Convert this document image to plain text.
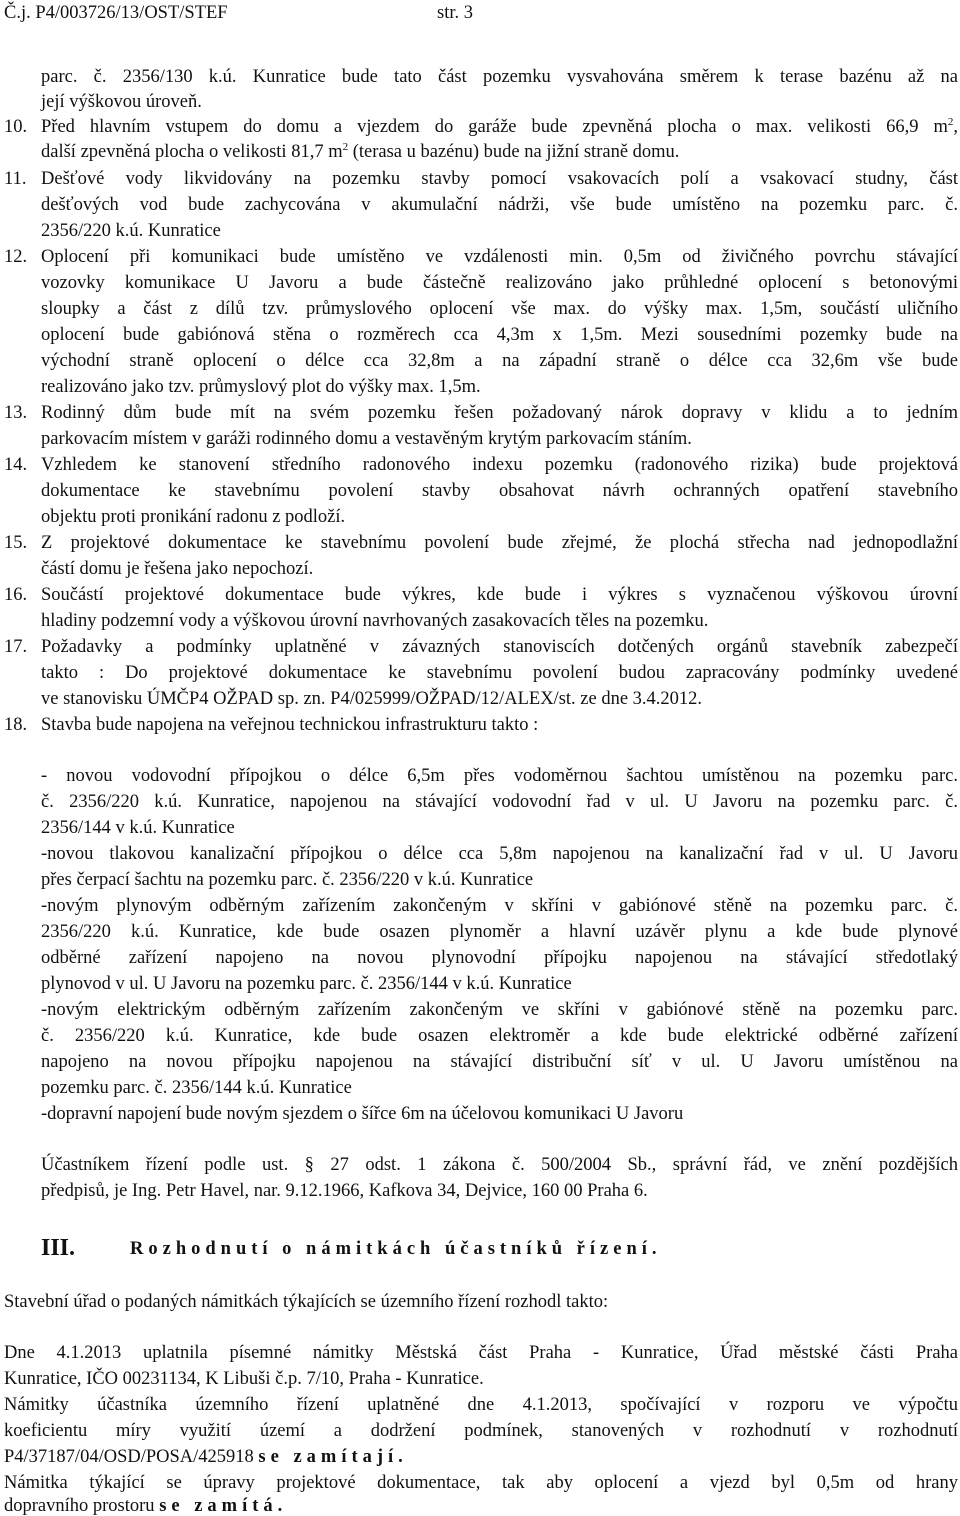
Č.j. P4/003726/13/OST/STEF	str. 3
parc. č. 2356/130 k.ú. Kunratice bude tato část pozemku vysvahována směrem k terase bazénu až na
její výškovou úroveň.
10. Před hlavním vstupem do domu a vjezdem do garáže bude zpevněná plocha o max. velikosti 66,9 $m^2$,
další zpevněná plocha o velikosti 81,7 $m^2$ (terasa u bazénu) bude na jižní straně domu.
11. Dešťové vody likvidovány na pozemku stavby pomocí vsakovacích polí a vsakovací studny, část
dešťových vod bude zachycována v akumulační nádrži, vše bude umístěno na pozemku parc. č.
2356/220 k.ú. Kunratice
12. Oplocení při komunikaci bude umístěno ve vzdálenosti min. 0,5m od živičného povrchu stávající
vozovky komunikace U Javoru a bude částečně realizováno jako průhledné oplocení s betonovými
sloupky a část z dílů tzv. průmyslového oplocení vše max. do výšky max. 1,5m, součástí uličního
oplocení bude gabiónová stěna o rozměrech cca 4,3m x 1,5m. Mezi sousedními pozemky bude na
východní straně oplocení o délce cca 32,8m a na západní straně o délce cca 32,6m vše bude
realizováno jako tzv. průmyslový plot do výšky max. 1,5m.
13. Rodinný dům bude mít na svém pozemku řešen požadovaný nárok dopravy v klidu a to jedním
parkovacím místem v garáži rodinného domu a vestavěným krytým parkovacím stáním.
14. Vzhledem ke stanovení středního radonového indexu pozemku (radonového rizika) bude projektová
dokumentace ke stavebnímu povolení stavby obsahovat návrh ochranných opatření stavebního
objektu proti pronikání radonu z podloží.
15. Z projektové dokumentace ke stavebnímu povolení bude zřejmé, že plochá střecha nad jednopodlažní
částí domu je řešena jako nepochozí.
16. Součástí projektové dokumentace bude výkres, kde bude i výkres s vyznačenou výškovou úrovní
hladiny podzemní vody a výškovou úrovní navrhovaných zasakovacích těles na pozemku.
17. Požadavky a podmínky uplatněné v závazných stanoviscích dotčených orgánů stavebník zabezpečí
takto : Do projektové dokumentace ke stavebnímu povolení budou zapracovány podmínky uvedené
ve stanovisku ÚMČP4 OŽPAD sp. zn. P4/025999/OŽPAD/12/ALEX/st. ze dne 3.4.2012.
18. Stavba bude napojena na veřejnou technickou infrastrukturu takto :
- novou vodovodní přípojkou o délce 6,5m přes vodoměrnou šachtou umístěnou na pozemku parc.
č. 2356/220 k.ú. Kunratice, napojenou na stávající vodovodní řad v ul. U Javoru na pozemku parc. č.
2356/144 v k.ú. Kunratice
-novou tlakovou kanalizační přípojkou o délce cca 5,8m napojenou na kanalizační řad v ul. U Javoru
přes čerpací šachtu na pozemku parc. č. 2356/220 v k.ú. Kunratice
-novým plynovým odběrným zařízením zakončeným v skříni v gabiónové stěně na pozemku parc. č.
2356/220 k.ú. Kunratice, kde bude osazen plynoměr a hlavní uzávěr plynu a kde bude plynové
odběrné zařízení napojeno na novou plynovodní přípojku napojenou na stávající středotlaký
plynovod v ul. U Javoru na pozemku parc. č. 2356/144 v k.ú. Kunratice
-novým elektrickým odběrným zařízením zakončeným ve skříni v gabiónové stěně na pozemku parc.
č. 2356/220 k.ú. Kunratice, kde bude osazen elektroměr a kde bude elektrické odběrné zařízení
napojeno na novou přípojku napojenou na stávající distribuční síť v ul. U Javoru umístěnou na
pozemku parc. č. 2356/144 k.ú. Kunratice
-dopravní napojení bude novým sjezdem o šířce 6m na účelovou komunikaci U Javoru
Účastníkem řízení podle ust. § 27 odst. 1 zákona č. 500/2004 Sb., správní řád, ve znění pozdějších
předpisů, je Ing. Petr Havel, nar. 9.12.1966, Kafkova 34, Dejvice, 160 00 Praha 6.
III.	Rozhodnutí o námitkách účastníků řízení.
Stavební úřad o podaných námitkách týkajících se územního řízení rozhodl takto:
Dne 4.1.2013 uplatnila písemné námitky Městská část Praha - Kunratice, Úřad městské části Praha
Kunratice, IČO 00231134, K Libuši č.p. 7/10, Praha - Kunratice.
Námitky účastníka územního řízení uplatněné dne 4.1.2013, spočívající v rozporu ve výpočtu
koeficientu míry využití území a dodržení podmínek, stanovených v rozhodnutí v rozhodnutí
P4/37187/04/OSD/POSA/425918 se zamítají.
Námitka týkající se úpravy projektové dokumentace, tak aby oplocení a vjezd byl 0,5m od hrany
dopravního prostoru se zamítá.
